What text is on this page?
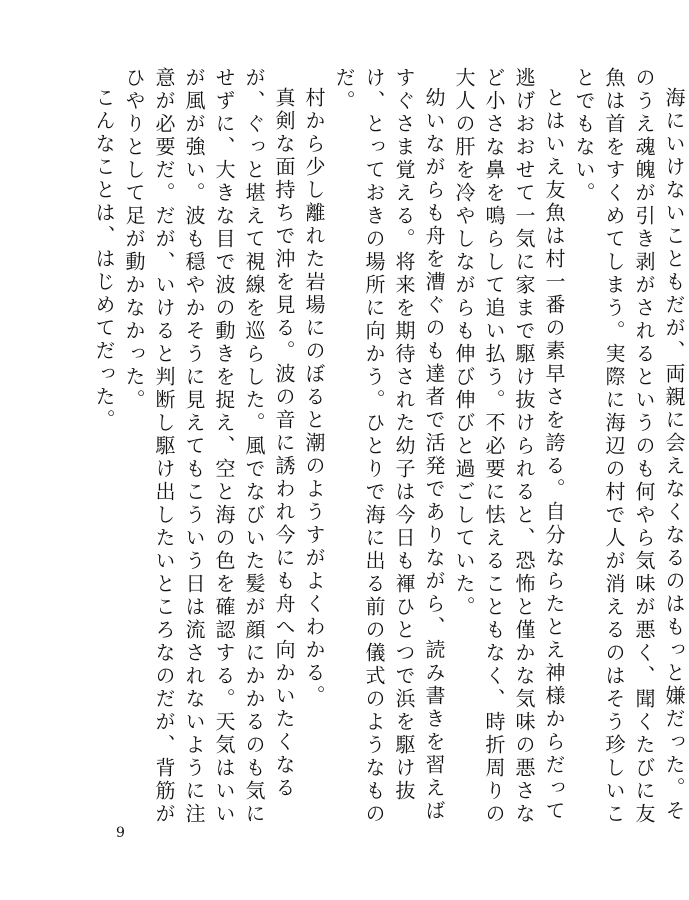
海にいけないこともだが、両親に会えなくなるのはもっと嫌だった。そのうえ魂魄が引き剥がされるというのも何やら気味が悪く、聞くたびに友魚は首をすくめてしまう。実際に海辺の村で人が消えるのはそう珍しいことでもない。

とはいえ友魚は村一番の素早さを誇る。自分ならたとえ神様からだって逃げおおせて一気に家まで駆け抜けられると、恐怖と僅かな気味の悪さなど小さな鼻を鳴らして追い払う。不必要に怯えることもなく、時折周りの大人の肝を冷やしながらも伸び伸びと過ごしていた。

幼いながらも舟を漕ぐのも達者で活発でありながら、読み書きを習えばすぐさま覚える。将来を期待された幼子は今日も褌ひとつで浜を駆け抜け、とっておきの場所に向かう。ひとりで海に出る前の儀式のようなものだ。

村から少し離れた岩場にのぼると潮のようすがよくわかる。

真剣な面持ちで沖を見る。波の音に誘われ今にも舟へ向かいたくなるが、ぐっと堪えて視線を巡らした。風でなびいた髪が顔にかかるのも気にせずに、大きな目で波の動きを捉え、空と海の色を確認する。天気はいいが風が強い。波も穏やかそうに見えてもこういう日は流されないように注意が必要だ。だが、いけると判断し駆け出したいところなのだが、背筋がひやりとして足が動かなかった。

こんなことは、はじめてだった。

9
